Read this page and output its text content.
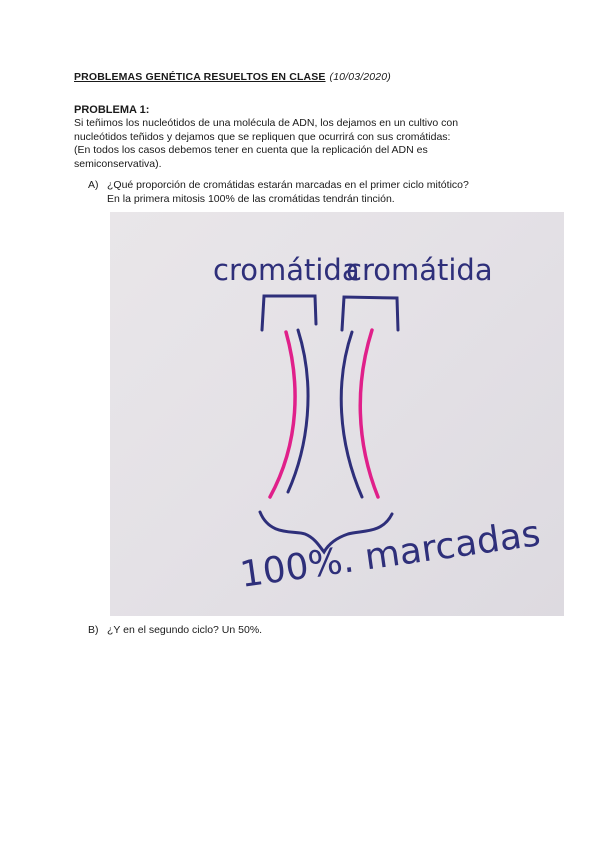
PROBLEMAS GENÉTICA RESUELTOS EN CLASE (10/03/2020)
PROBLEMA 1:

Si teñimos los nucleótidos de una molécula de ADN, los dejamos en un cultivo con nucleótidos teñidos y dejamos que se repliquen que ocurrirá con sus cromátidas:

(En todos los casos debemos tener en cuenta que la replicación del ADN es semiconservativa).

A) ¿Qué proporción de cromátidas estarán marcadas en el primer ciclo mitótico?
En la primera mitosis 100% de las cromátidas tendrán tinción.
cromátida
cromátida
100%. marcadas
B) ¿Y en el segundo ciclo? Un 50%.
